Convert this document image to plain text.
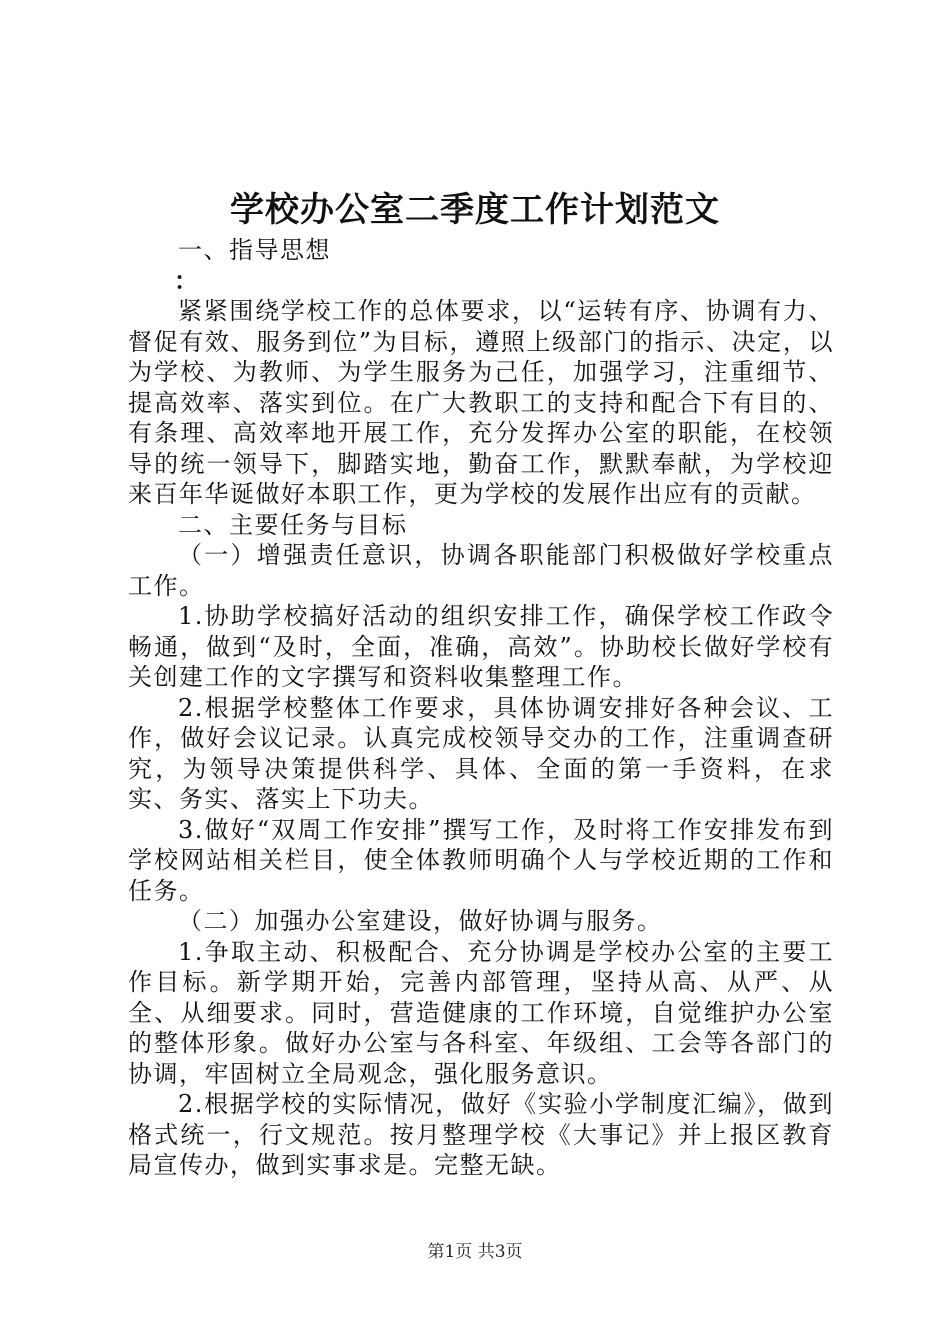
学校办公室二季度工作计划范文

一、指导思想

：

紧紧围绕学校工作的总体要求，以“运转有序、协调有力、督促有效、服务到位”为目标，遵照上级部门的指示、决定，以为学校、为教师、为学生服务为己任，加强学习，注重细节、提高效率、落实到位。在广大教职工的支持和配合下有目的、有条理、高效率地开展工作，充分发挥办公室的职能，在校领导的统一领导下，脚踏实地，勤奋工作，默默奉献，为学校迎来百年华诞做好本职工作，更为学校的发展作出应有的贡献。

二、主要任务与目标

（一）增强责任意识，协调各职能部门积极做好学校重点工作。

1.协助学校搞好活动的组织安排工作，确保学校工作政令畅通，做到“及时，全面，准确，高效”。协助校长做好学校有关创建工作的文字撰写和资料收集整理工作。

2.根据学校整体工作要求，具体协调安排好各种会议、工作，做好会议记录。认真完成校领导交办的工作，注重调查研究，为领导决策提供科学、具体、全面的第一手资料，在求实、务实、落实上下功夫。

3.做好“双周工作安排”撰写工作，及时将工作安排发布到学校网站相关栏目，使全体教师明确个人与学校近期的工作和任务。

（二）加强办公室建设，做好协调与服务。

1.争取主动、积极配合、充分协调是学校办公室的主要工作目标。新学期开始，完善内部管理，坚持从高、从严、从全、从细要求。同时，营造健康的工作环境，自觉维护办公室的整体形象。做好办公室与各科室、年级组、工会等各部门的协调，牢固树立全局观念，强化服务意识。

2.根据学校的实际情况，做好《实验小学制度汇编》，做到格式统一，行文规范。按月整理学校《大事记》并上报区教育局宣传办，做到实事求是。完整无缺。

第1页 共3页
